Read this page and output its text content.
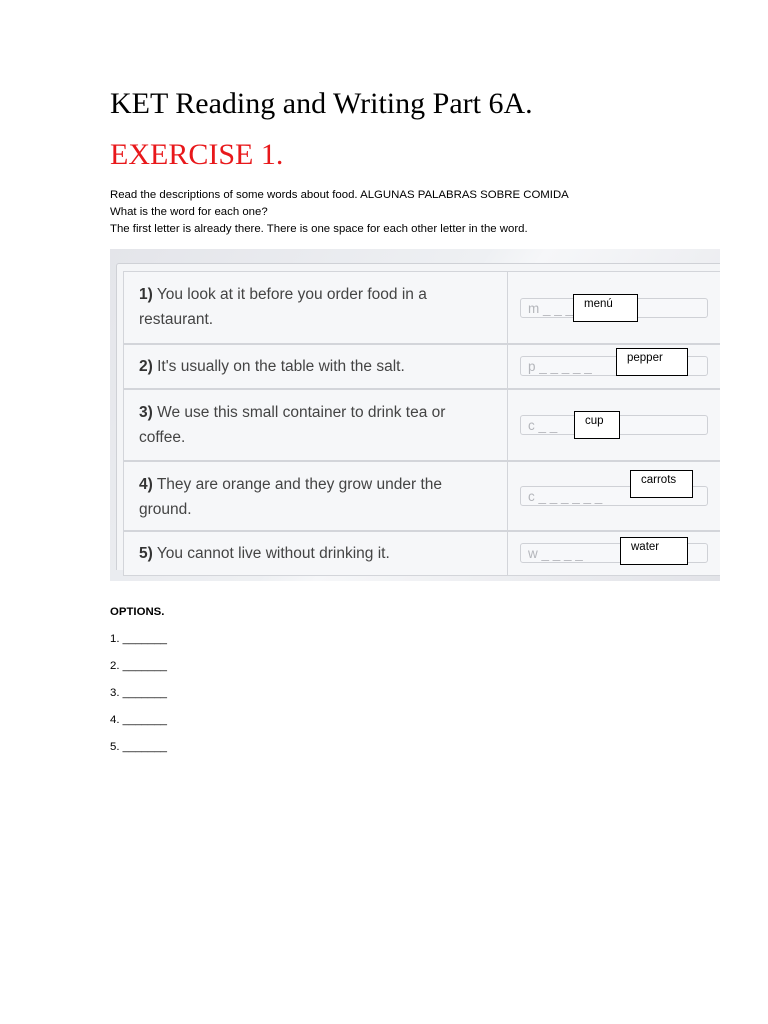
KET Reading and Writing Part 6A.
EXERCISE 1.
Read the descriptions of some words about food. ALGUNAS PALABRAS SOBRE COMIDA
What is the word for each one?
The first letter is already there. There is one space for each other letter in the word.
1) You look at it before you order food in a restaurant.
m _ _ _
2) It's usually on the table with the salt.	p _ _ _ _ _
3) We use this small container to drink tea or coffee.
c _ _
4) They are orange and they grow under the ground.
c _ _ _ _ _ _
5) You cannot live without drinking it.	w _ _ _ _
menú
pepper
cup
carrots
water
OPTIONS.
1. _______
2. _______
3. _______
4. _______
5. _______
